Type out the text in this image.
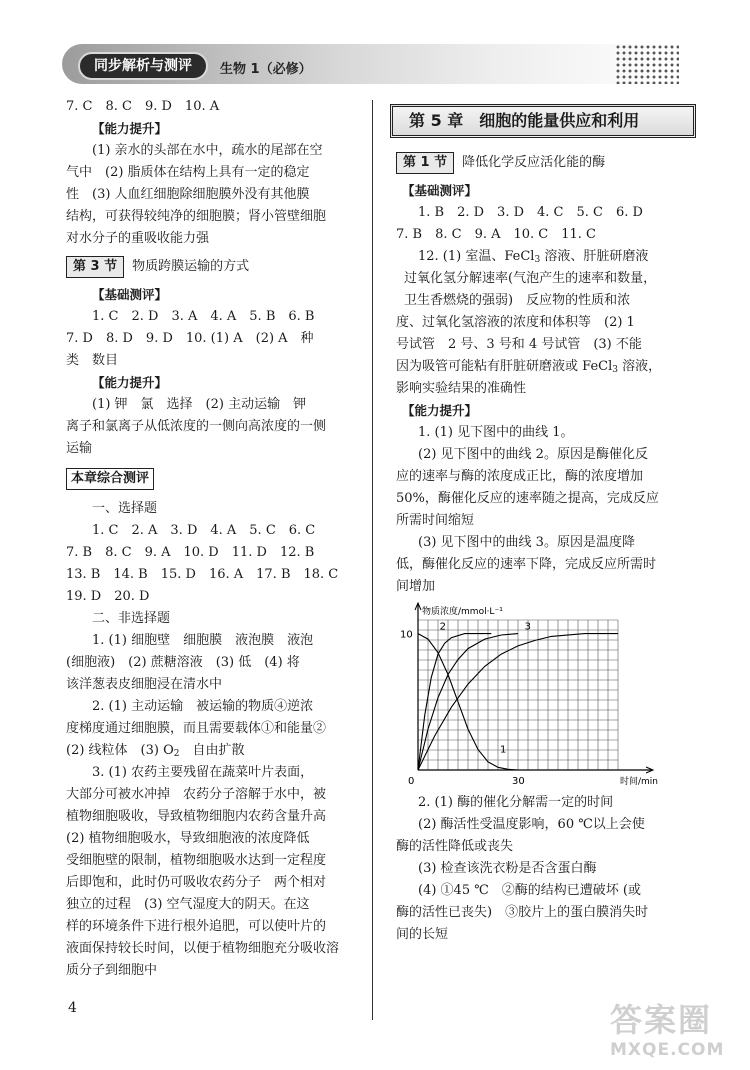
同步解析与测评	生物 1（必修）
7. C　8. C　9. D　10. A
【能力提升】
(1) 亲水的头部在水中，疏水的尾部在空
气中　(2) 脂质体在结构上具有一定的稳定
性　(3) 人血红细胞除细胞膜外没有其他膜
结构，可获得较纯净的细胞膜；肾小管壁细胞
对水分子的重吸收能力强
第 3 节	物质跨膜运输的方式
【基础测评】
1. C　2. D　3. A　4. A　5. B　6. B
7. D　8. D　9. D　10. (1) A　(2) A　种
类　数目
【能力提升】
(1) 钾　氯　选择　(2) 主动运输　钾
离子和氯离子从低浓度的一侧向高浓度的一侧
运输
本章综合测评
一、选择题
1. C　2. A　3. D　4. A　5. C　6. C
7. B　8. C　9. A　10. D　11. D　12. B
13. B　14. B　15. D　16. A　17. B　18. C
19. D　20. D
二、非选择题
1. (1) 细胞壁　细胞膜　液泡膜　液泡
(细胞液)　(2) 蔗糖溶液　(3) 低　(4) 将
该洋葱表皮细胞浸在清水中
2. (1) 主动运输　被运输的物质④逆浓
度梯度通过细胞膜，而且需要载体①和能量②
(2) 线粒体　(3) $O_2$　自由扩散
3. (1) 农药主要残留在蔬菜叶片表面，
大部分可被水冲掉　农药分子溶解于水中，被
植物细胞吸收，导致植物细胞内农药含量升高
(2) 植物细胞吸水，导致细胞液的浓度降低
受细胞壁的限制，植物细胞吸水达到一定程度
后即饱和，此时仍可吸收农药分子　两个相对
独立的过程　(3) 空气湿度大的阴天。在这
样的环境条件下进行根外追肥，可以使叶片的
液面保持较长时间，以便于植物细胞充分吸收溶
质分子到细胞中
第 5 章　细胞的能量供应和利用
第 1 节	降低化学反应活化能的酶
【基础测评】
1. B　2. D　3. D　4. C　5. C　6. D
7. B　8. C　9. A　10. C　11. C
12. (1) 室温、FeCl$_3$ 溶液、肝脏研磨液
过氧化氢分解速率(气泡产生的速率和数量，
卫生香燃烧的强弱)　反应物的性质和浓
度、过氧化氢溶液的浓度和体积等　(2) 1
号试管　2 号、3 号和 4 号试管　(3) 不能
因为吸管可能粘有肝脏研磨液或 FeCl$_3$ 溶液，
影响实验结果的准确性
【能力提升】
1. (1) 见下图中的曲线 1。
(2) 见下图中的曲线 2。原因是酶催化反
应的速率与酶的浓度成正比，酶的浓度增加
50%，酶催化反应的速率随之提高，完成反应
所需时间缩短
(3) 见下图中的曲线 3。原因是温度降
低，酶催化反应的速率下降，完成反应所需时
间增加
物质浓度/mmol·L⁻¹
时间/min
0	30
10
1
2	3
2. (1) 酶的催化分解需一定的时间
(2) 酶活性受温度影响，60 ℃以上会使
酶的活性降低或丧失
(3) 检查该洗衣粉是否含蛋白酶
(4) ①45 ℃　②酶的结构已遭破坏 (或
酶的活性已丧失)　③胶片上的蛋白膜消失时
间的长短
4	答案圈
MXQE.COM
